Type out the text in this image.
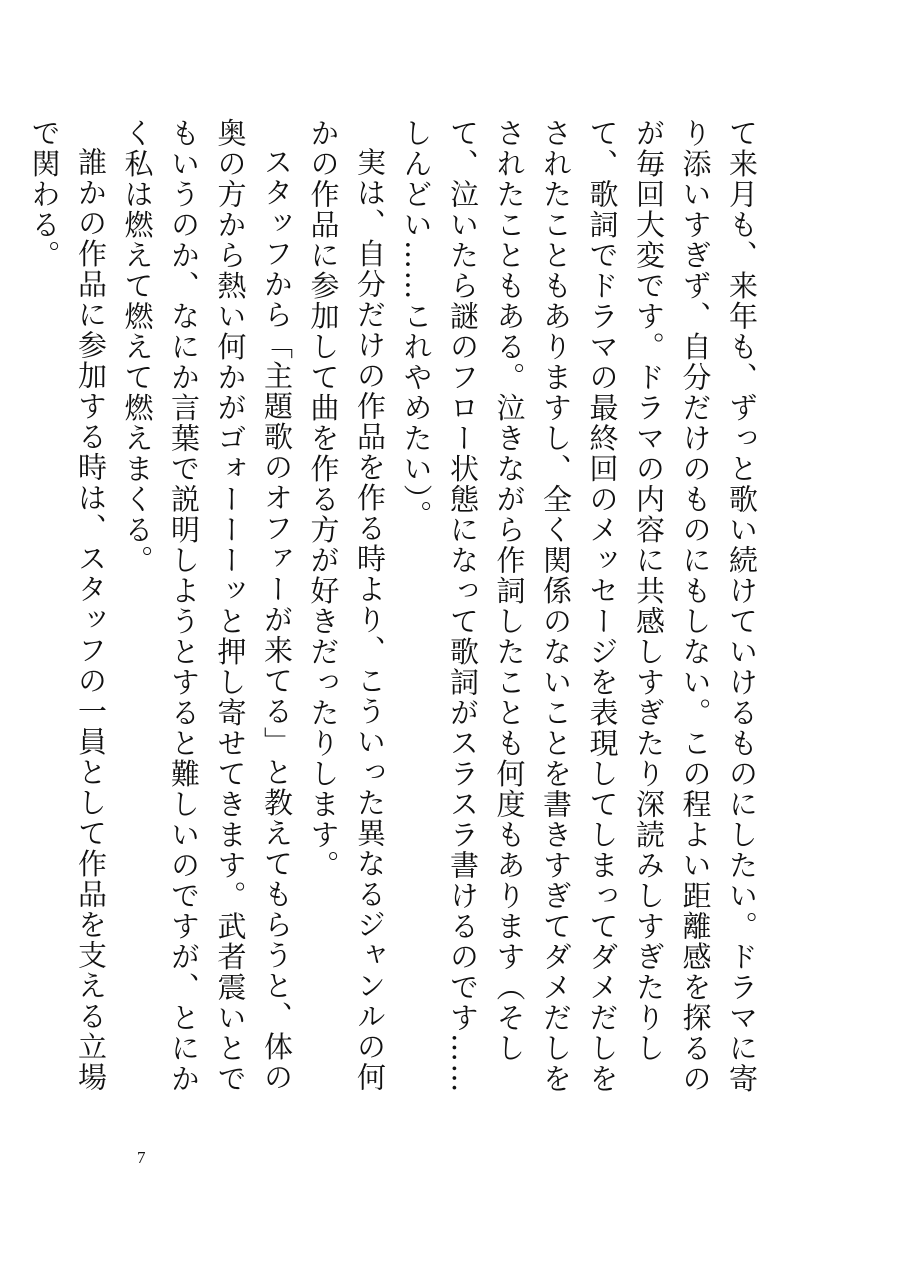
て来月も、来年も、ずっと歌い続けていけるものにしたい。ドラマに寄り添いすぎず、自分だけのものにもしない。この程よい距離感を探るのが毎回大変です。ドラマの内容に共感しすぎたり深読みしすぎたりして、歌詞でドラマの最終回のメッセージを表現してしまってダメだしをされたこともありますし、全く関係のないことを書きすぎてダメだしをされたこともある。泣きながら作詞したことも何度もあります（そして、泣いたら謎のフロー状態になって歌詞がスラスラ書けるのです……しんどい……これやめたい）。

実は、自分だけの作品を作る時より、こういった異なるジャンルの何かの作品に参加して曲を作る方が好きだったりします。

スタッフから「主題歌のオファーが来てる」と教えてもらうと、体の奥の方から熱い何かがゴォーーーッと押し寄せてきます。武者震いとでもいうのか、なにか言葉で説明しようとすると難しいのですが、とにかく私は燃えて燃えて燃えまくる。

誰かの作品に参加する時は、スタッフの一員として作品を支える立場で関わる。

7
